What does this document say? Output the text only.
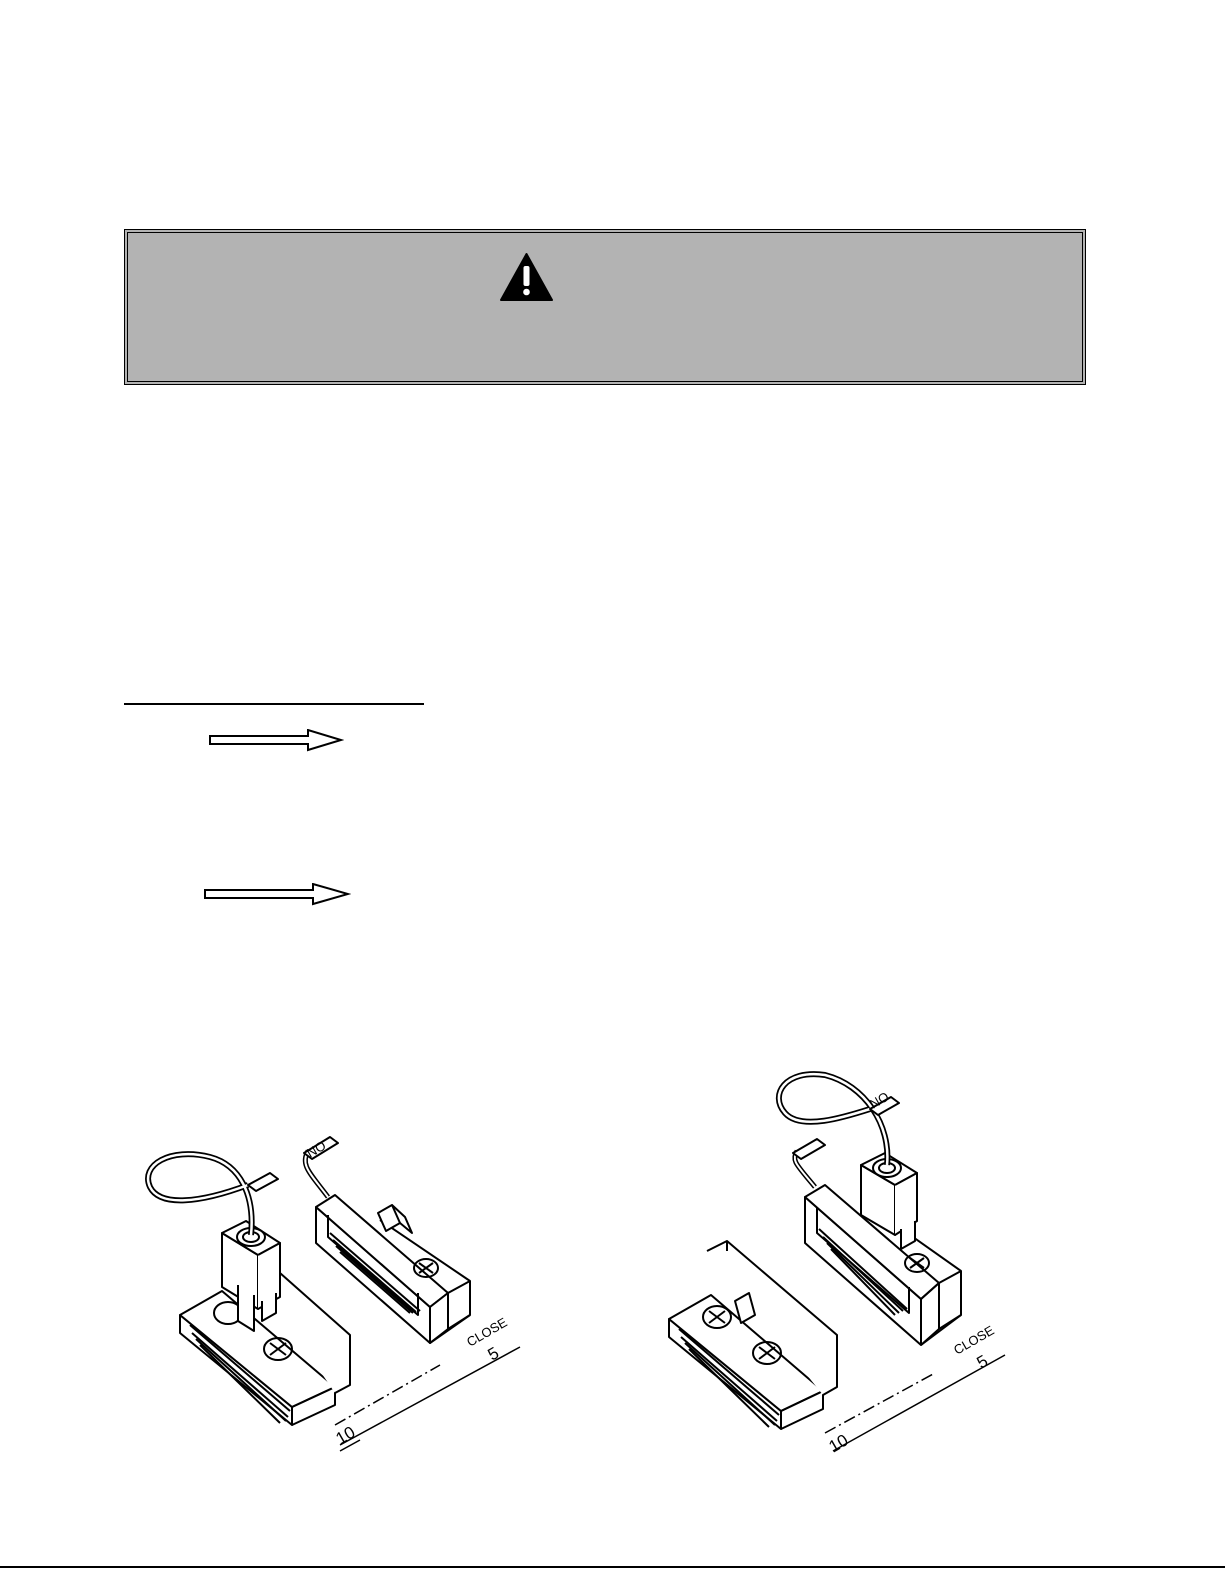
NO
CLOSE
5
10
NO
CLOSE
5
10
